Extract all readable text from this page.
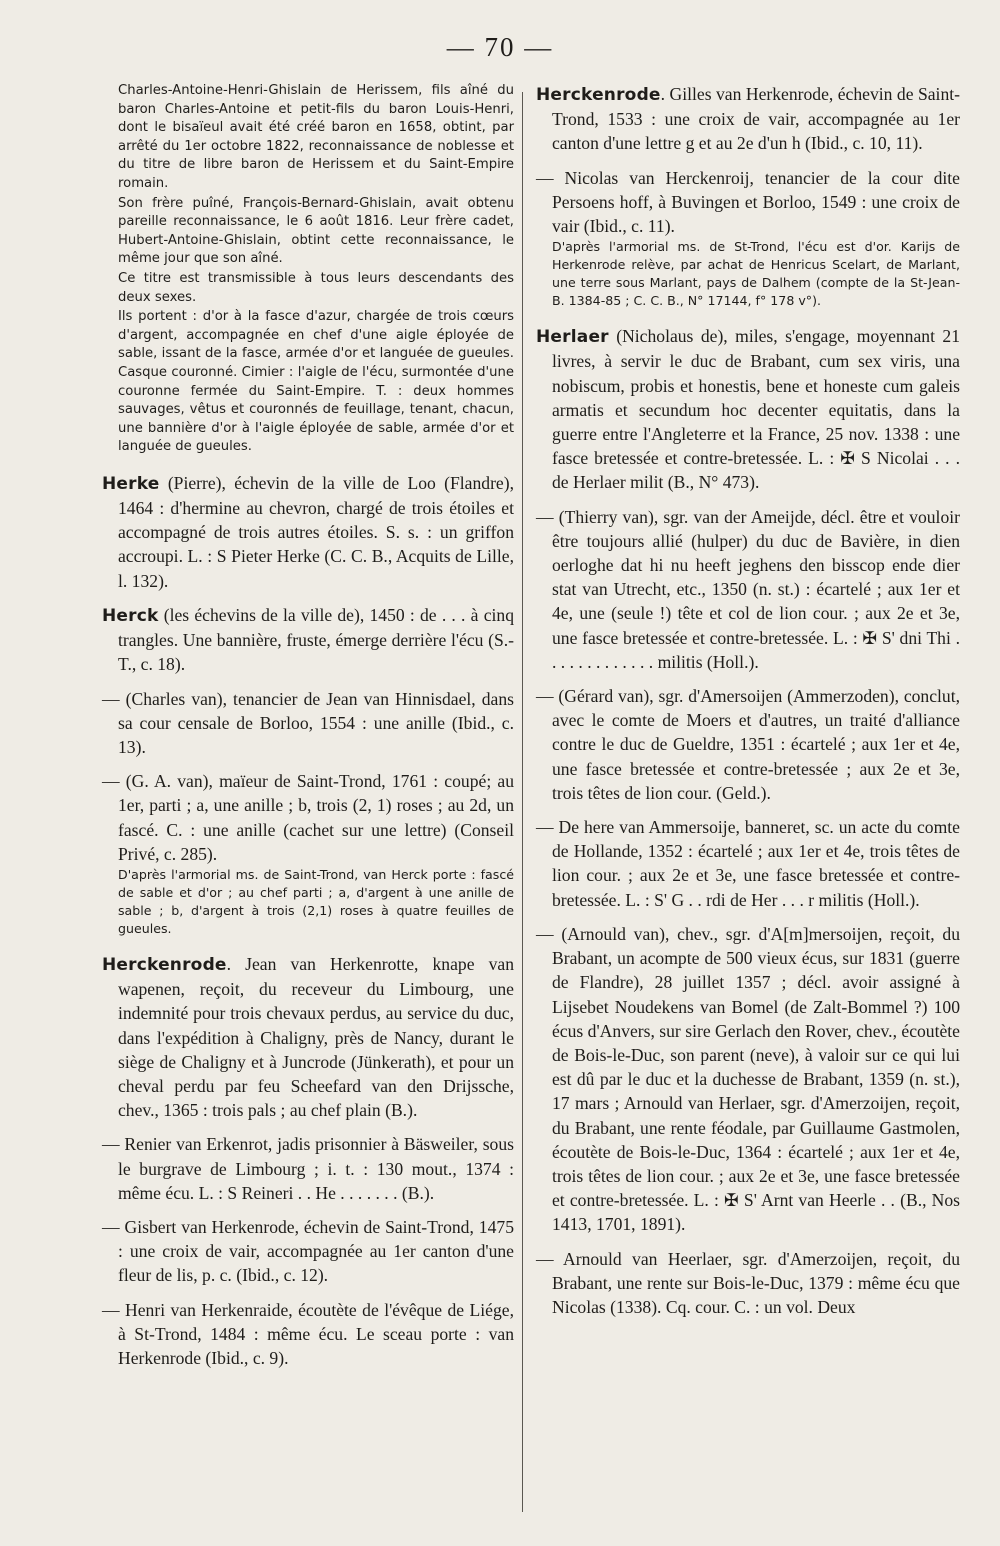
— 70 —

Charles-Antoine-Henri-Ghislain de Herissem, fils aîné du baron Charles-Antoine et petit-fils du baron Louis-Henri, dont le bisaïeul avait été créé baron en 1658, obtint, par arrêté du 1er octobre 1822, reconnaissance de noblesse et du titre de libre baron de Herissem et du Saint-Empire romain.

Son frère puîné, François-Bernard-Ghislain, avait obtenu pareille reconnaissance, le 6 août 1816. Leur frère cadet, Hubert-Antoine-Ghislain, obtint cette reconnaissance, le même jour que son aîné.

Ce titre est transmissible à tous leurs descendants des deux sexes.

Ils portent : d'or à la fasce d'azur, chargée de trois cœurs d'argent, accompagnée en chef d'une aigle éployée de sable, issant de la fasce, armée d'or et languée de gueules. Casque couronné. Cimier : l'aigle de l'écu, surmontée d'une couronne fermée du Saint-Empire. T. : deux hommes sauvages, vêtus et couronnés de feuillage, tenant, chacun, une bannière d'or à l'aigle éployée de sable, armée d'or et languée de gueules.

Herke (Pierre), échevin de la ville de Loo (Flandre), 1464 : d'hermine au chevron, chargé de trois étoiles et accompagné de trois autres étoiles. S. s. : un griffon accroupi. L. : S Pieter Herke (C. C. B., Acquits de Lille, l. 132).

Herck (les échevins de la ville de), 1450 : de . . . à cinq trangles. Une bannière, fruste, émerge derrière l'écu (S.-T., c. 18).

— (Charles van), tenancier de Jean van Hinnisdael, dans sa cour censale de Borloo, 1554 : une anille (Ibid., c. 13).

— (G. A. van), maïeur de Saint-Trond, 1761 : coupé; au 1er, parti ; a, une anille ; b, trois (2, 1) roses ; au 2d, un fascé. C. : une anille (cachet sur une lettre) (Conseil Privé, c. 285).

D'après l'armorial ms. de Saint-Trond, van Herck porte : fascé de sable et d'or ; au chef parti ; a, d'argent à une anille de sable ; b, d'argent à trois (2,1) roses à quatre feuilles de gueules.

Herckenrode. Jean van Herkenrotte, knape van wapenen, reçoit, du receveur du Limbourg, une indemnité pour trois chevaux perdus, au service du duc, dans l'expédition à Chaligny, près de Nancy, durant le siège de Chaligny et à Juncrode (Jünkerath), et pour un cheval perdu par feu Scheefard van den Drijssche, chev., 1365 : trois pals ; au chef plain (B.).

— Renier van Erkenrot, jadis prisonnier à Bäsweiler, sous le burgrave de Limbourg ; i. t. : 130 mout., 1374 : même écu. L. : S Reineri . . He . . . . . . . (B.).

— Gisbert van Herkenrode, échevin de Saint-Trond, 1475 : une croix de vair, accompagnée au 1er canton d'une fleur de lis, p. c. (Ibid., c. 12).

— Henri van Herkenraide, écoutète de l'évêque de Liége, à St-Trond, 1484 : même écu. Le sceau porte : van Herkenrode (Ibid., c. 9).

Herckenrode. Gilles van Herkenrode, échevin de Saint-Trond, 1533 : une croix de vair, accompagnée au 1er canton d'une lettre g et au 2e d'un h (Ibid., c. 10, 11).

— Nicolas van Herckenroij, tenancier de la cour dite Persoens hoff, à Buvingen et Borloo, 1549 : une croix de vair (Ibid., c. 11).

D'après l'armorial ms. de St-Trond, l'écu est d'or. Karijs de Herkenrode relève, par achat de Henricus Scelart, de Marlant, une terre sous Marlant, pays de Dalhem (compte de la St-Jean-B. 1384-85 ; C. C. B., N° 17144, f° 178 v°).

Herlaer (Nicholaus de), miles, s'engage, moyennant 21 livres, à servir le duc de Brabant, cum sex viris, una nobiscum, probis et honestis, bene et honeste cum galeis armatis et secundum hoc decenter equitatis, dans la guerre entre l'Angleterre et la France, 25 nov. 1338 : une fasce bretessée et contre-bretessée. L. : ✠ S Nicolai . . . de Herlaer milit (B., N° 473).

— (Thierry van), sgr. van der Ameijde, décl. être et vouloir être toujours allié (hulper) du duc de Bavière, in dien oerloghe dat hi nu heeft jeghens den bisscop ende dier stat van Utrecht, etc., 1350 (n. st.) : écartelé ; aux 1er et 4e, une (seule !) tête et col de lion cour. ; aux 2e et 3e, une fasce bretessée et contre-bretessée. L. : ✠ S' dni Thi . . . . . . . . . . . . . militis (Holl.).

— (Gérard van), sgr. d'Amersoijen (Ammerzoden), conclut, avec le comte de Moers et d'autres, un traité d'alliance contre le duc de Gueldre, 1351 : écartelé ; aux 1er et 4e, une fasce bretessée et contre-bretessée ; aux 2e et 3e, trois têtes de lion cour. (Geld.).

— De here van Ammersoije, banneret, sc. un acte du comte de Hollande, 1352 : écartelé ; aux 1er et 4e, trois têtes de lion cour. ; aux 2e et 3e, une fasce bretessée et contre-bretessée. L. : S' G . . rdi de Her . . . r militis (Holl.).

— (Arnould van), chev., sgr. d'A[m]mersoijen, reçoit, du Brabant, un acompte de 500 vieux écus, sur 1831 (guerre de Flandre), 28 juillet 1357 ; décl. avoir assigné à Lijsebet Noudekens van Bomel (de Zalt-Bommel ?) 100 écus d'Anvers, sur sire Gerlach den Rover, chev., écoutète de Bois-le-Duc, son parent (neve), à valoir sur ce qui lui est dû par le duc et la duchesse de Brabant, 1359 (n. st.), 17 mars ; Arnould van Herlaer, sgr. d'Amerzoijen, reçoit, du Brabant, une rente féodale, par Guillaume Gastmolen, écoutète de Bois-le-Duc, 1364 : écartelé ; aux 1er et 4e, trois têtes de lion cour. ; aux 2e et 3e, une fasce bretessée et contre-bretessée. L. : ✠ S' Arnt van Heerle . . (B., Nos 1413, 1701, 1891).

— Arnould van Heerlaer, sgr. d'Amerzoijen, reçoit, du Brabant, une rente sur Bois-le-Duc, 1379 : même écu que Nicolas (1338). Cq. cour. C. : un vol. Deux
